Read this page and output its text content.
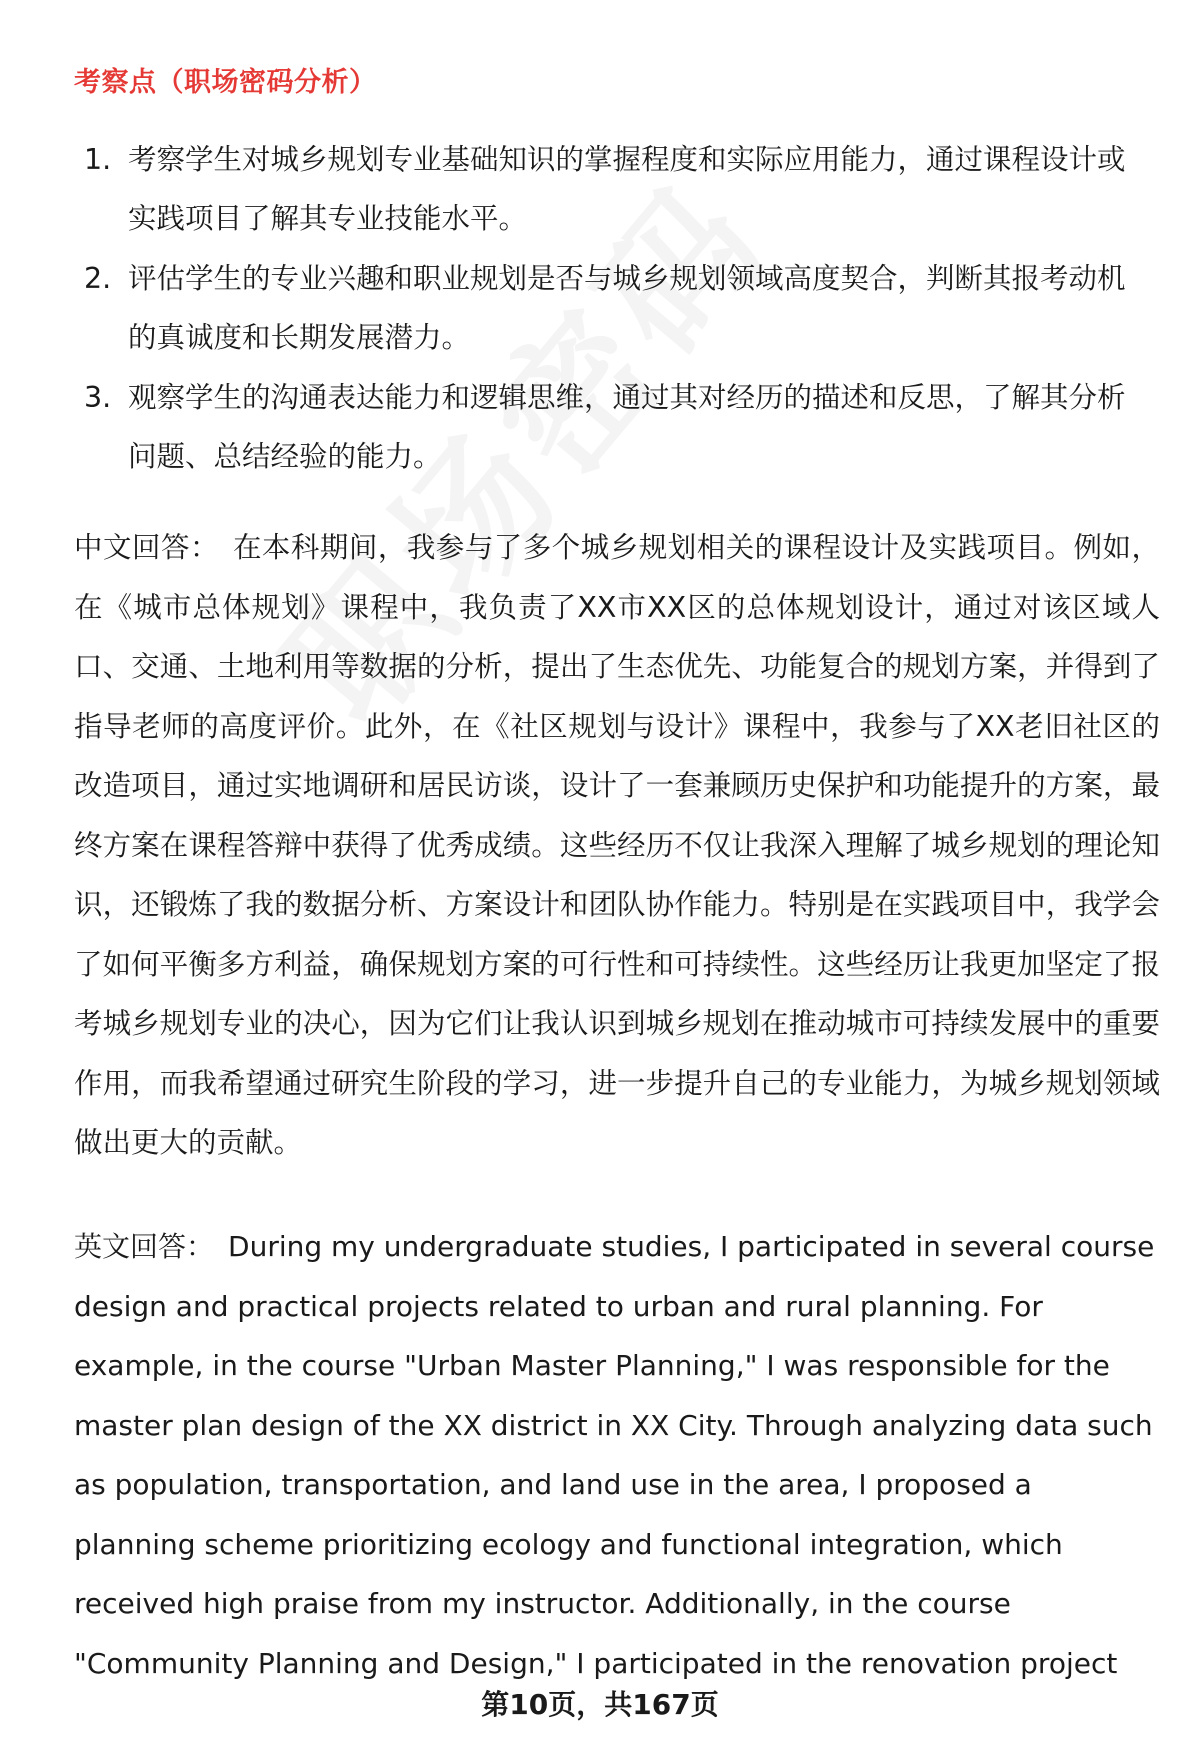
考察点（职场密码分析）
1. 考察学生对城乡规划专业基础知识的掌握程度和实际应用能力，通过课程设计或实践项目了解其专业技能水平。
2. 评估学生的专业兴趣和职业规划是否与城乡规划领域高度契合，判断其报考动机的真诚度和长期发展潜力。
3. 观察学生的沟通表达能力和逻辑思维，通过其对经历的描述和反思，了解其分析问题、总结经验的能力。

中文回答： 在本科期间，我参与了多个城乡规划相关的课程设计及实践项目。例如，在《城市总体规划》课程中，我负责了XX市XX区的总体规划设计，通过对该区域人口、交通、土地利用等数据的分析，提出了生态优先、功能复合的规划方案，并得到了指导老师的高度评价。此外，在《社区规划与设计》课程中，我参与了XX老旧社区的改造项目，通过实地调研和居民访谈，设计了一套兼顾历史保护和功能提升的方案，最终方案在课程答辩中获得了优秀成绩。这些经历不仅让我深入理解了城乡规划的理论知识，还锻炼了我的数据分析、方案设计和团队协作能力。特别是在实践项目中，我学会了如何平衡多方利益，确保规划方案的可行性和可持续性。这些经历让我更加坚定了报考城乡规划专业的决心，因为它们让我认识到城乡规划在推动城市可持续发展中的重要作用，而我希望通过研究生阶段的学习，进一步提升自己的专业能力，为城乡规划领域做出更大的贡献。

英文回答： During my undergraduate studies, I participated in several course design and practical projects related to urban and rural planning. For example, in the course "Urban Master Planning," I was responsible for the master plan design of the XX district in XX City. Through analyzing data such as population, transportation, and land use in the area, I proposed a planning scheme prioritizing ecology and functional integration, which received high praise from my instructor. Additionally, in the course "Community Planning and Design," I participated in the renovation project

第10页，共167页
